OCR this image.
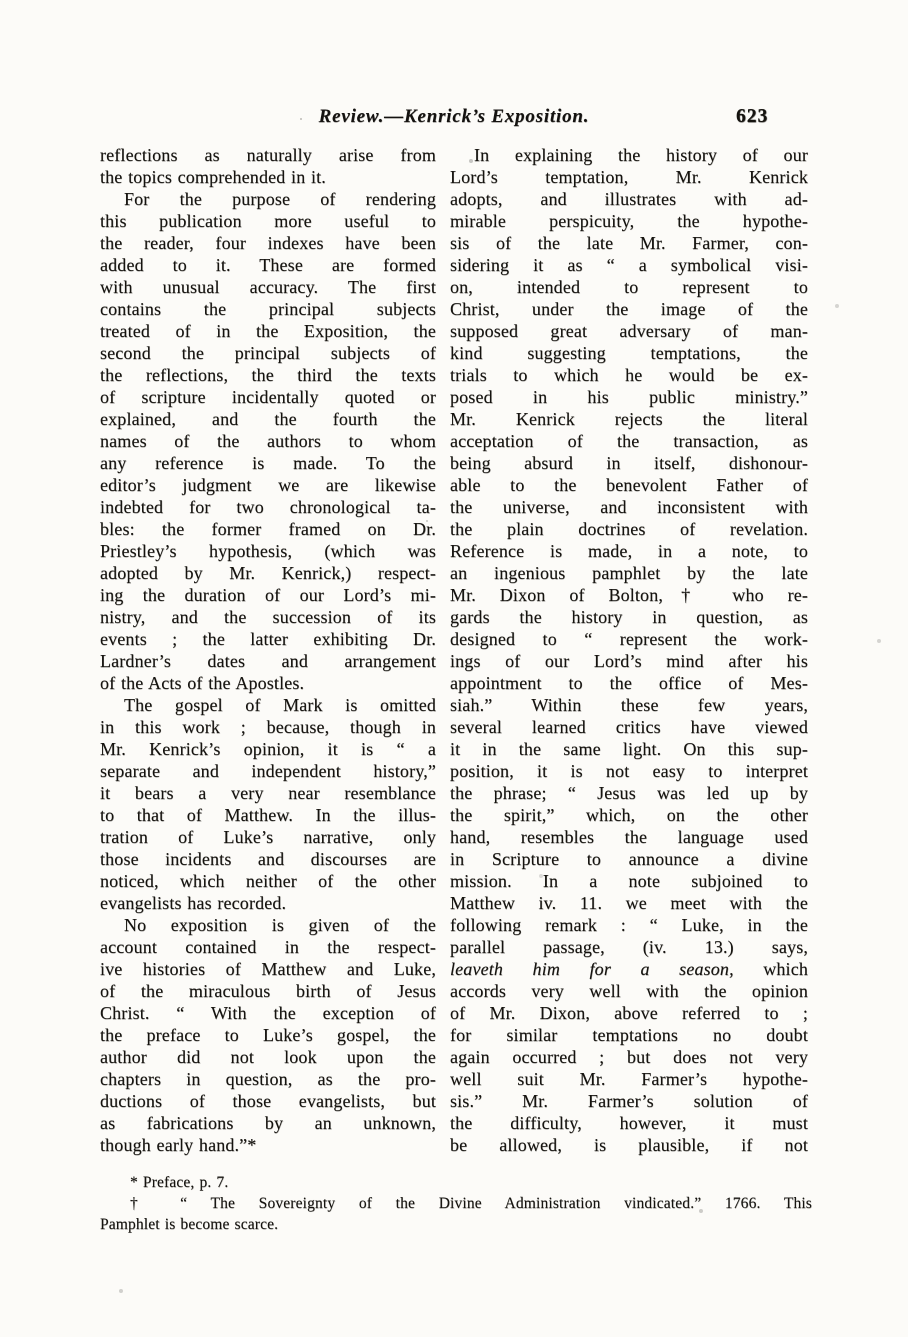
Review.—Kenrick’s Exposition.	623
reflections as naturally arise from
the topics comprehended in it.
For the purpose of rendering
this publication more useful to
the reader, four indexes have been
added to it. These are formed
with unusual accuracy. The first
contains the principal subjects
treated of in the Exposition, the
second the principal subjects of
the reflections, the third the texts
of scripture incidentally quoted or
explained, and the fourth the
names of the authors to whom
any reference is made. To the
editor’s judgment we are likewise
indebted for two chronological ta-
bles: the former framed on Dr.
Priestley’s hypothesis, (which was
adopted by Mr. Kenrick,) respect-
ing the duration of our Lord’s mi-
nistry, and the succession of its
events ; the latter exhibiting Dr.
Lardner’s dates and arrangement
of the Acts of the Apostles.
The gospel of Mark is omitted
in this work ; because, though in
Mr. Kenrick’s opinion, it is “ a
separate and independent history,”
it bears a very near resemblance
to that of Matthew. In the illus-
tration of Luke’s narrative, only
those incidents and discourses are
noticed, which neither of the other
evangelists has recorded.
No exposition is given of the
account contained in the respect-
ive histories of Matthew and Luke,
of the miraculous birth of Jesus
Christ. “ With the exception of
the preface to Luke’s gospel, the
author did not look upon the
chapters in question, as the pro-
ductions of those evangelists, but
as fabrications by an unknown,
though early hand.”*
In explaining the history of our
Lord’s temptation, Mr. Kenrick
adopts, and illustrates with ad-
mirable perspicuity, the hypothe-
sis of the late Mr. Farmer, con-
sidering it as “ a symbolical visi-
on, intended to represent to
Christ, under the image of the
supposed great adversary of man-
kind suggesting temptations, the
trials to which he would be ex-
posed in his public ministry.”
Mr. Kenrick rejects the literal
acceptation of the transaction, as
being absurd in itself, dishonour-
able to the benevolent Father of
the universe, and inconsistent with
the plain doctrines of revelation.
Reference is made, in a note, to
an ingenious pamphlet by the late
Mr. Dixon of Bolton,† who re-
gards the history in question, as
designed to “ represent the work-
ings of our Lord’s mind after his
appointment to the office of Mes-
siah.” Within these few years,
several learned critics have viewed
it in the same light. On this sup-
position, it is not easy to interpret
the phrase; “ Jesus was led up by
the spirit,” which, on the other
hand, resembles the language used
in Scripture to announce a divine
mission. In a note subjoined to
Matthew iv. 11. we meet with the
following remark : “ Luke, in the
parallel passage, (iv. 13.) says,
leaveth him for a season, which
accords very well with the opinion
of Mr. Dixon, above referred to ;
for similar temptations no doubt
again occurred ; but does not very
well suit Mr. Farmer’s hypothe-
sis.” Mr. Farmer’s solution of
the difficulty, however, it must
be allowed, is plausible, if not
* Preface, p. 7.
† “ The Sovereignty of the Divine Administration vindicated.” 1766. This
Pamphlet is become scarce.
